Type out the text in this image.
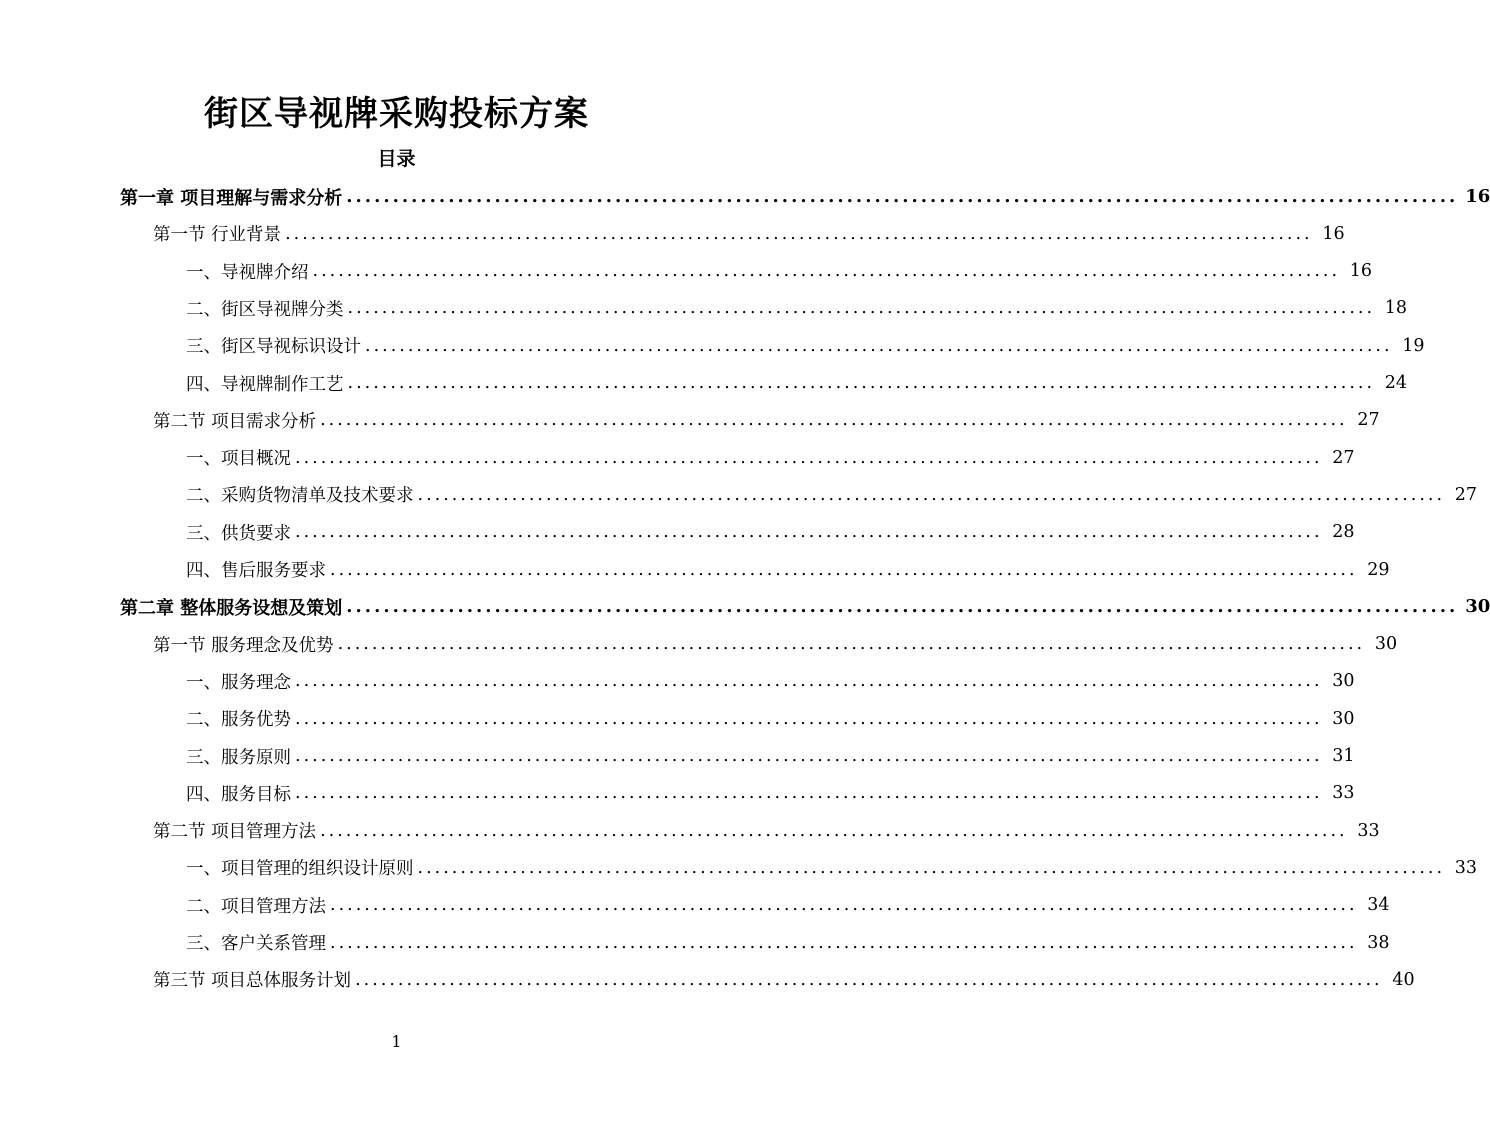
街区导视牌采购投标方案
目录
第一章 项目理解与需求分析 ........................................................................................................................ 16
第一节 行业背景 ........................................................................................................................ 16
一、导视牌介绍 ........................................................................................................................ 16
二、街区导视牌分类 ........................................................................................................................ 18
三、街区导视标识设计 ........................................................................................................................ 19
四、导视牌制作工艺 ........................................................................................................................ 24
第二节 项目需求分析 ........................................................................................................................ 27
一、项目概况 ........................................................................................................................ 27
二、采购货物清单及技术要求 ........................................................................................................................ 27
三、供货要求 ........................................................................................................................ 28
四、售后服务要求 ........................................................................................................................ 29
第二章 整体服务设想及策划 ........................................................................................................................ 30
第一节 服务理念及优势 ........................................................................................................................ 30
一、服务理念 ........................................................................................................................ 30
二、服务优势 ........................................................................................................................ 30
三、服务原则 ........................................................................................................................ 31
四、服务目标 ........................................................................................................................ 33
第二节 项目管理方法 ........................................................................................................................ 33
一、项目管理的组织设计原则 ........................................................................................................................ 33
二、项目管理方法 ........................................................................................................................ 34
三、客户关系管理 ........................................................................................................................ 38
第三节 项目总体服务计划 ........................................................................................................................ 40
1
